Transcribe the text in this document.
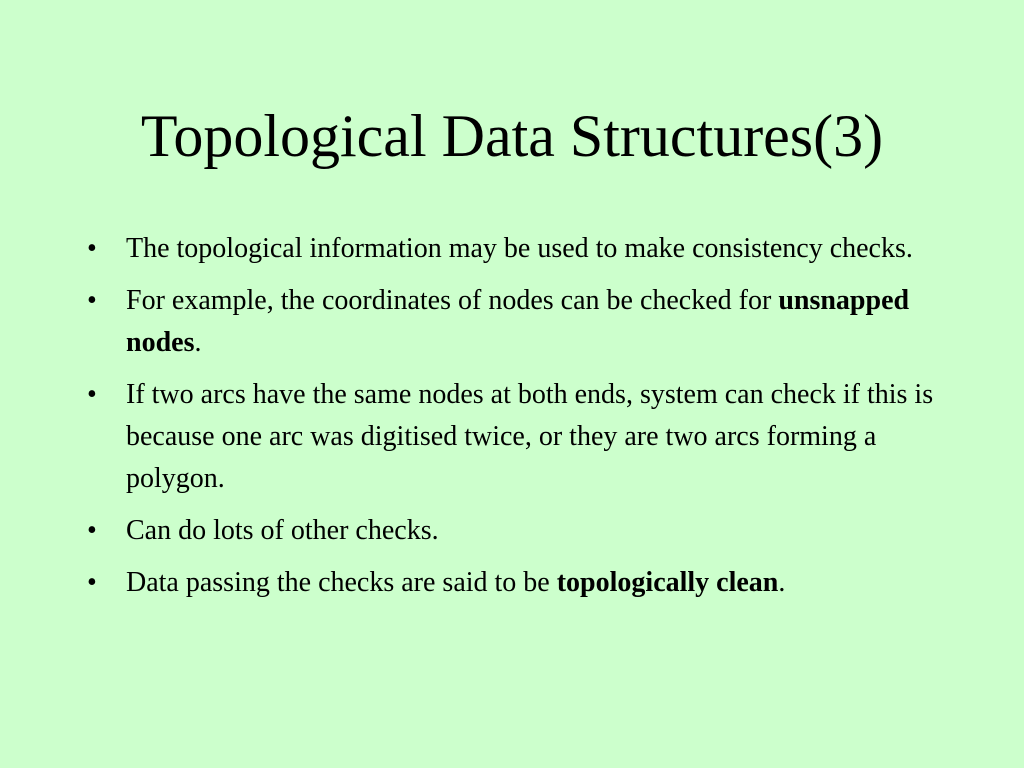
Topological Data Structures(3)
• The topological information may be used to make consistency checks.
• For example, the coordinates of nodes can be checked for unsnapped nodes.
• If two arcs have the same nodes at both ends, system can check if this is because one arc was digitised twice, or they are two arcs forming a polygon.
• Can do lots of other checks.
• Data passing the checks are said to be topologically clean.
